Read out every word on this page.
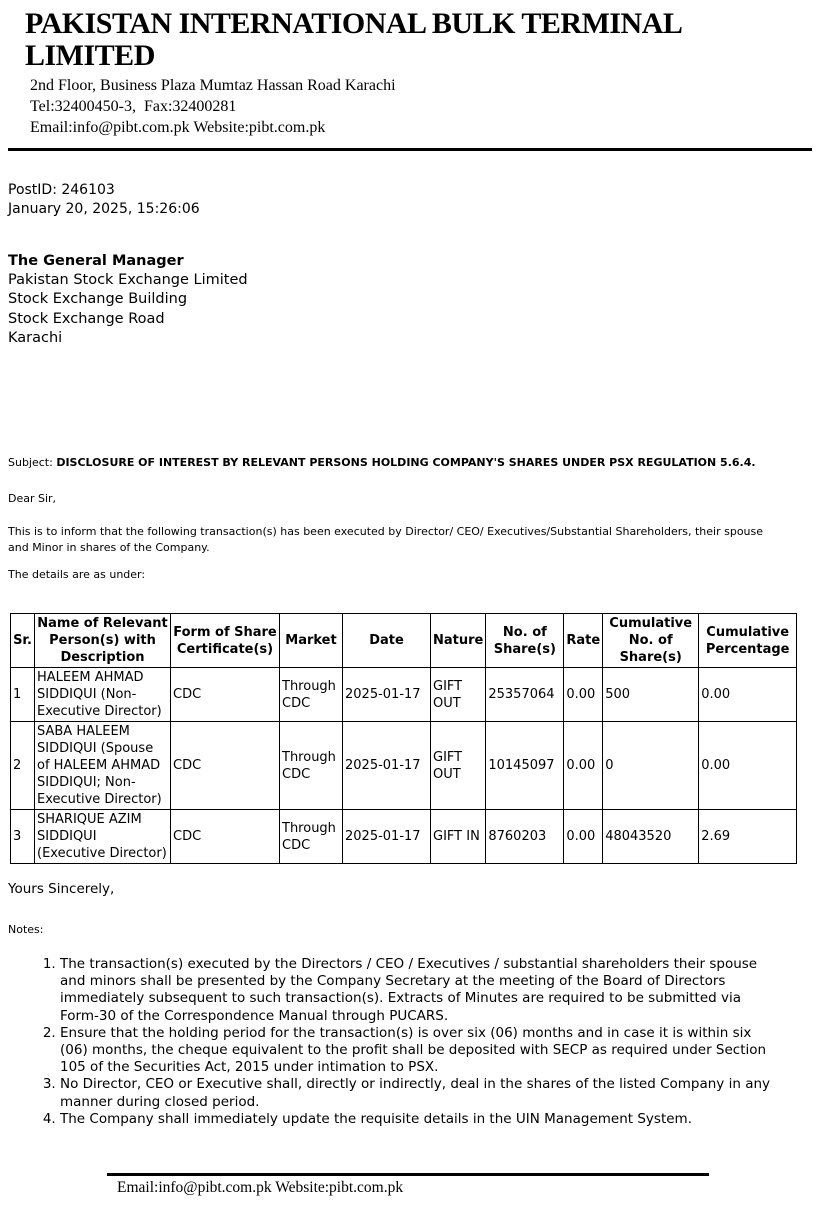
PAKISTAN INTERNATIONAL BULK TERMINAL LIMITED
2nd Floor, Business Plaza Mumtaz Hassan Road Karachi
Tel:32400450-3,  Fax:32400281
Email:info@pibt.com.pk Website:pibt.com.pk
PostID: 246103
January 20, 2025, 15:26:06
The General Manager
Pakistan Stock Exchange Limited
Stock Exchange Building
Stock Exchange Road
Karachi
Subject: DISCLOSURE OF INTEREST BY RELEVANT PERSONS HOLDING COMPANY'S SHARES UNDER PSX REGULATION 5.6.4.
Dear Sir,
This is to inform that the following transaction(s) has been executed by Director/ CEO/ Executives/Substantial Shareholders, their spouse and Minor in shares of the Company.
The details are as under:
Sr.	Name of Relevant Person(s) with Description	Form of Share Certificate(s)	Market	Date	Nature	No. of Share(s)	Rate	Cumulative No. of Share(s)	Cumulative Percentage
1	HALEEM AHMAD SIDDIQUI (Non-Executive Director)	CDC	Through CDC	2025-01-17	GIFT OUT	25357064	0.00	500	0.00
2	SABA HALEEM SIDDIQUI (Spouse of HALEEM AHMAD SIDDIQUI; Non-Executive Director)	CDC	Through CDC	2025-01-17	GIFT OUT	10145097	0.00	0	0.00
3	SHARIQUE AZIM SIDDIQUI (Executive Director)	CDC	Through CDC	2025-01-17	GIFT IN	8760203	0.00	48043520	2.69
Yours Sincerely,
Notes:
1. The transaction(s) executed by the Directors / CEO / Executives / substantial shareholders their spouse and minors shall be presented by the Company Secretary at the meeting of the Board of Directors immediately subsequent to such transaction(s). Extracts of Minutes are required to be submitted via Form-30 of the Correspondence Manual through PUCARS.
2. Ensure that the holding period for the transaction(s) is over six (06) months and in case it is within six (06) months, the cheque equivalent to the profit shall be deposited with SECP as required under Section 105 of the Securities Act, 2015 under intimation to PSX.
3. No Director, CEO or Executive shall, directly or indirectly, deal in the shares of the listed Company in any manner during closed period.
4. The Company shall immediately update the requisite details in the UIN Management System.
Email:info@pibt.com.pk Website:pibt.com.pk
